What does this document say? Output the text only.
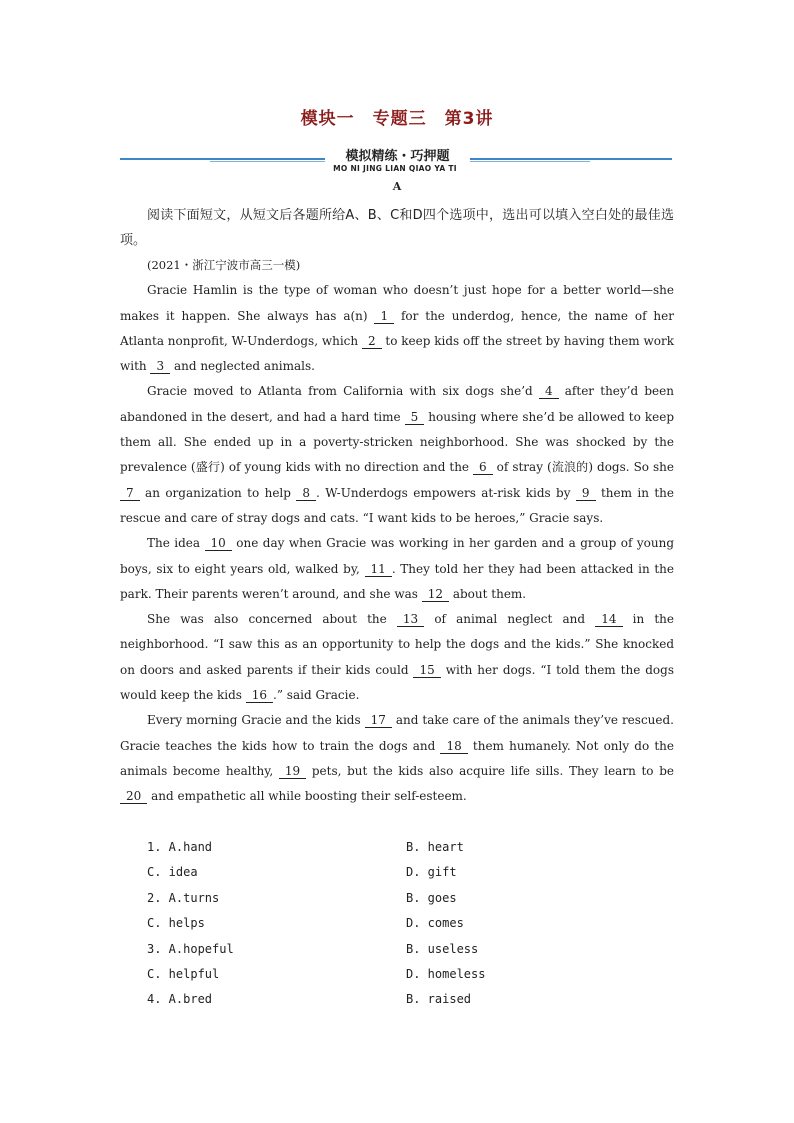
模块一　专题三　第3讲
模拟精练・巧押题
MO NI JING LIAN QIAO YA TI
A

阅读下面短文，从短文后各题所给A、B、C和D四个选项中，选出可以填入空白处的最佳选项。

(2021・浙江宁波市高三一模)

Gracie Hamlin is the type of woman who doesn’t just hope for a better world—she makes it happen. She always has a(n) 1 for the underdog, hence, the name of her Atlanta nonprofit, W-Underdogs, which 2 to keep kids off the street by having them work with 3 and neglected animals.

Gracie moved to Atlanta from California with six dogs she’d 4 after they’d been abandoned in the desert, and had a hard time 5 housing where she’d be allowed to keep them all. She ended up in a poverty-stricken neighborhood. She was shocked by the prevalence (盛行) of young kids with no direction and the 6 of stray (流浪的) dogs. So she 7 an organization to help 8 . W-Underdogs empowers at-risk kids by 9 them in the rescue and care of stray dogs and cats. “I want kids to be heroes,” Gracie says.

The idea 10 one day when Gracie was working in her garden and a group of young boys, six to eight years old, walked by, 11 . They told her they had been attacked in the park. Their parents weren’t around, and she was 12 about them.

She was also concerned about the 13 of animal neglect and 14 in the neighborhood. “I saw this as an opportunity to help the dogs and the kids.” She knocked on doors and asked parents if their kids could 15 with her dogs. “I told them the dogs would keep the kids 16 .” said Gracie.

Every morning Gracie and the kids 17 and take care of the animals they’ve rescued. Gracie teaches the kids how to train the dogs and 18 them humanely. Not only do the animals become healthy, 19 pets, but the kids also acquire life sills. They learn to be 20 and empathetic all while boosting their self-esteem.

1. A.hand	B. heart
C. idea	D. gift
2. A.turns	B. goes
C. helps	D. comes
3. A.hopeful	B. useless
C. helpful	D. homeless
4. A.bred	B. raised
